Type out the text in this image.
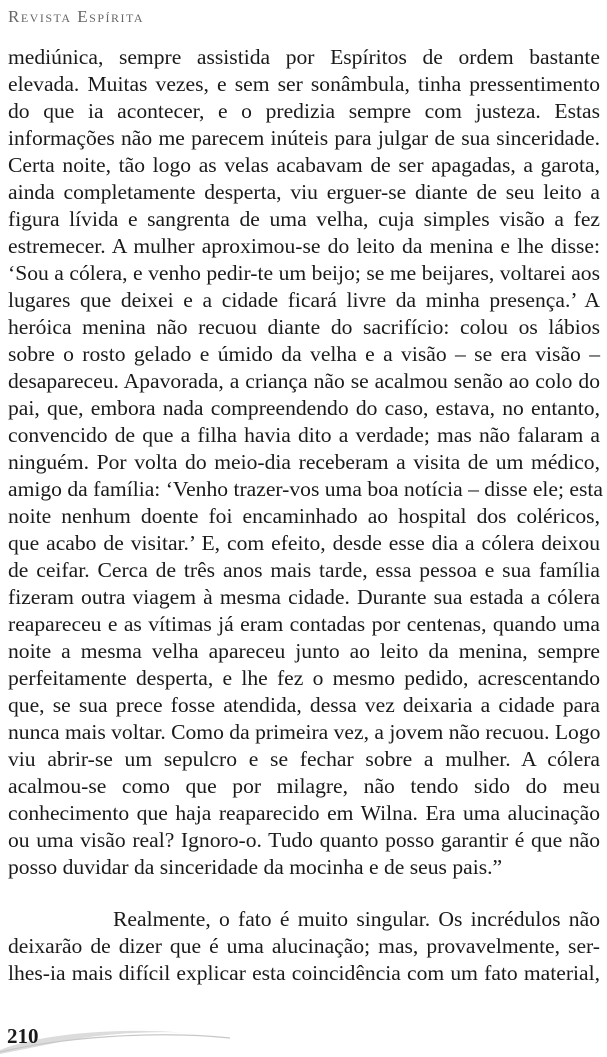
Revista Espírita
mediúnica, sempre assistida por Espíritos de ordem bastante
elevada. Muitas vezes, e sem ser sonâmbula, tinha pressentimento
do que ia acontecer, e o predizia sempre com justeza. Estas
informações não me parecem inúteis para julgar de sua sinceridade.
Certa noite, tão logo as velas acabavam de ser apagadas, a garota,
ainda completamente desperta, viu erguer-se diante de seu leito a
figura lívida e sangrenta de uma velha, cuja simples visão a fez
estremecer. A mulher aproximou-se do leito da menina e lhe disse:
‘Sou a cólera, e venho pedir-te um beijo; se me beijares, voltarei aos
lugares que deixei e a cidade ficará livre da minha presença.’ A
heróica menina não recuou diante do sacrifício: colou os lábios
sobre o rosto gelado e úmido da velha e a visão – se era visão –
desapareceu. Apavorada, a criança não se acalmou senão ao colo do
pai, que, embora nada compreendendo do caso, estava, no entanto,
convencido de que a filha havia dito a verdade; mas não falaram a
ninguém. Por volta do meio-dia receberam a visita de um médico,
amigo da família: ‘Venho trazer-vos uma boa notícia – disse ele; esta
noite nenhum doente foi encaminhado ao hospital dos coléricos,
que acabo de visitar.’ E, com efeito, desde esse dia a cólera deixou
de ceifar. Cerca de três anos mais tarde, essa pessoa e sua família
fizeram outra viagem à mesma cidade. Durante sua estada a cólera
reapareceu e as vítimas já eram contadas por centenas, quando uma
noite a mesma velha apareceu junto ao leito da menina, sempre
perfeitamente desperta, e lhe fez o mesmo pedido, acrescentando
que, se sua prece fosse atendida, dessa vez deixaria a cidade para
nunca mais voltar. Como da primeira vez, a jovem não recuou. Logo
viu abrir-se um sepulcro e se fechar sobre a mulher. A cólera
acalmou-se como que por milagre, não tendo sido do meu
conhecimento que haja reaparecido em Wilna. Era uma alucinação
ou uma visão real? Ignoro-o. Tudo quanto posso garantir é que não
posso duvidar da sinceridade da mocinha e de seus pais.”
Realmente, o fato é muito singular. Os incrédulos não
deixarão de dizer que é uma alucinação; mas, provavelmente, ser-
lhes-ia mais difícil explicar esta coincidência com um fato material,
210
